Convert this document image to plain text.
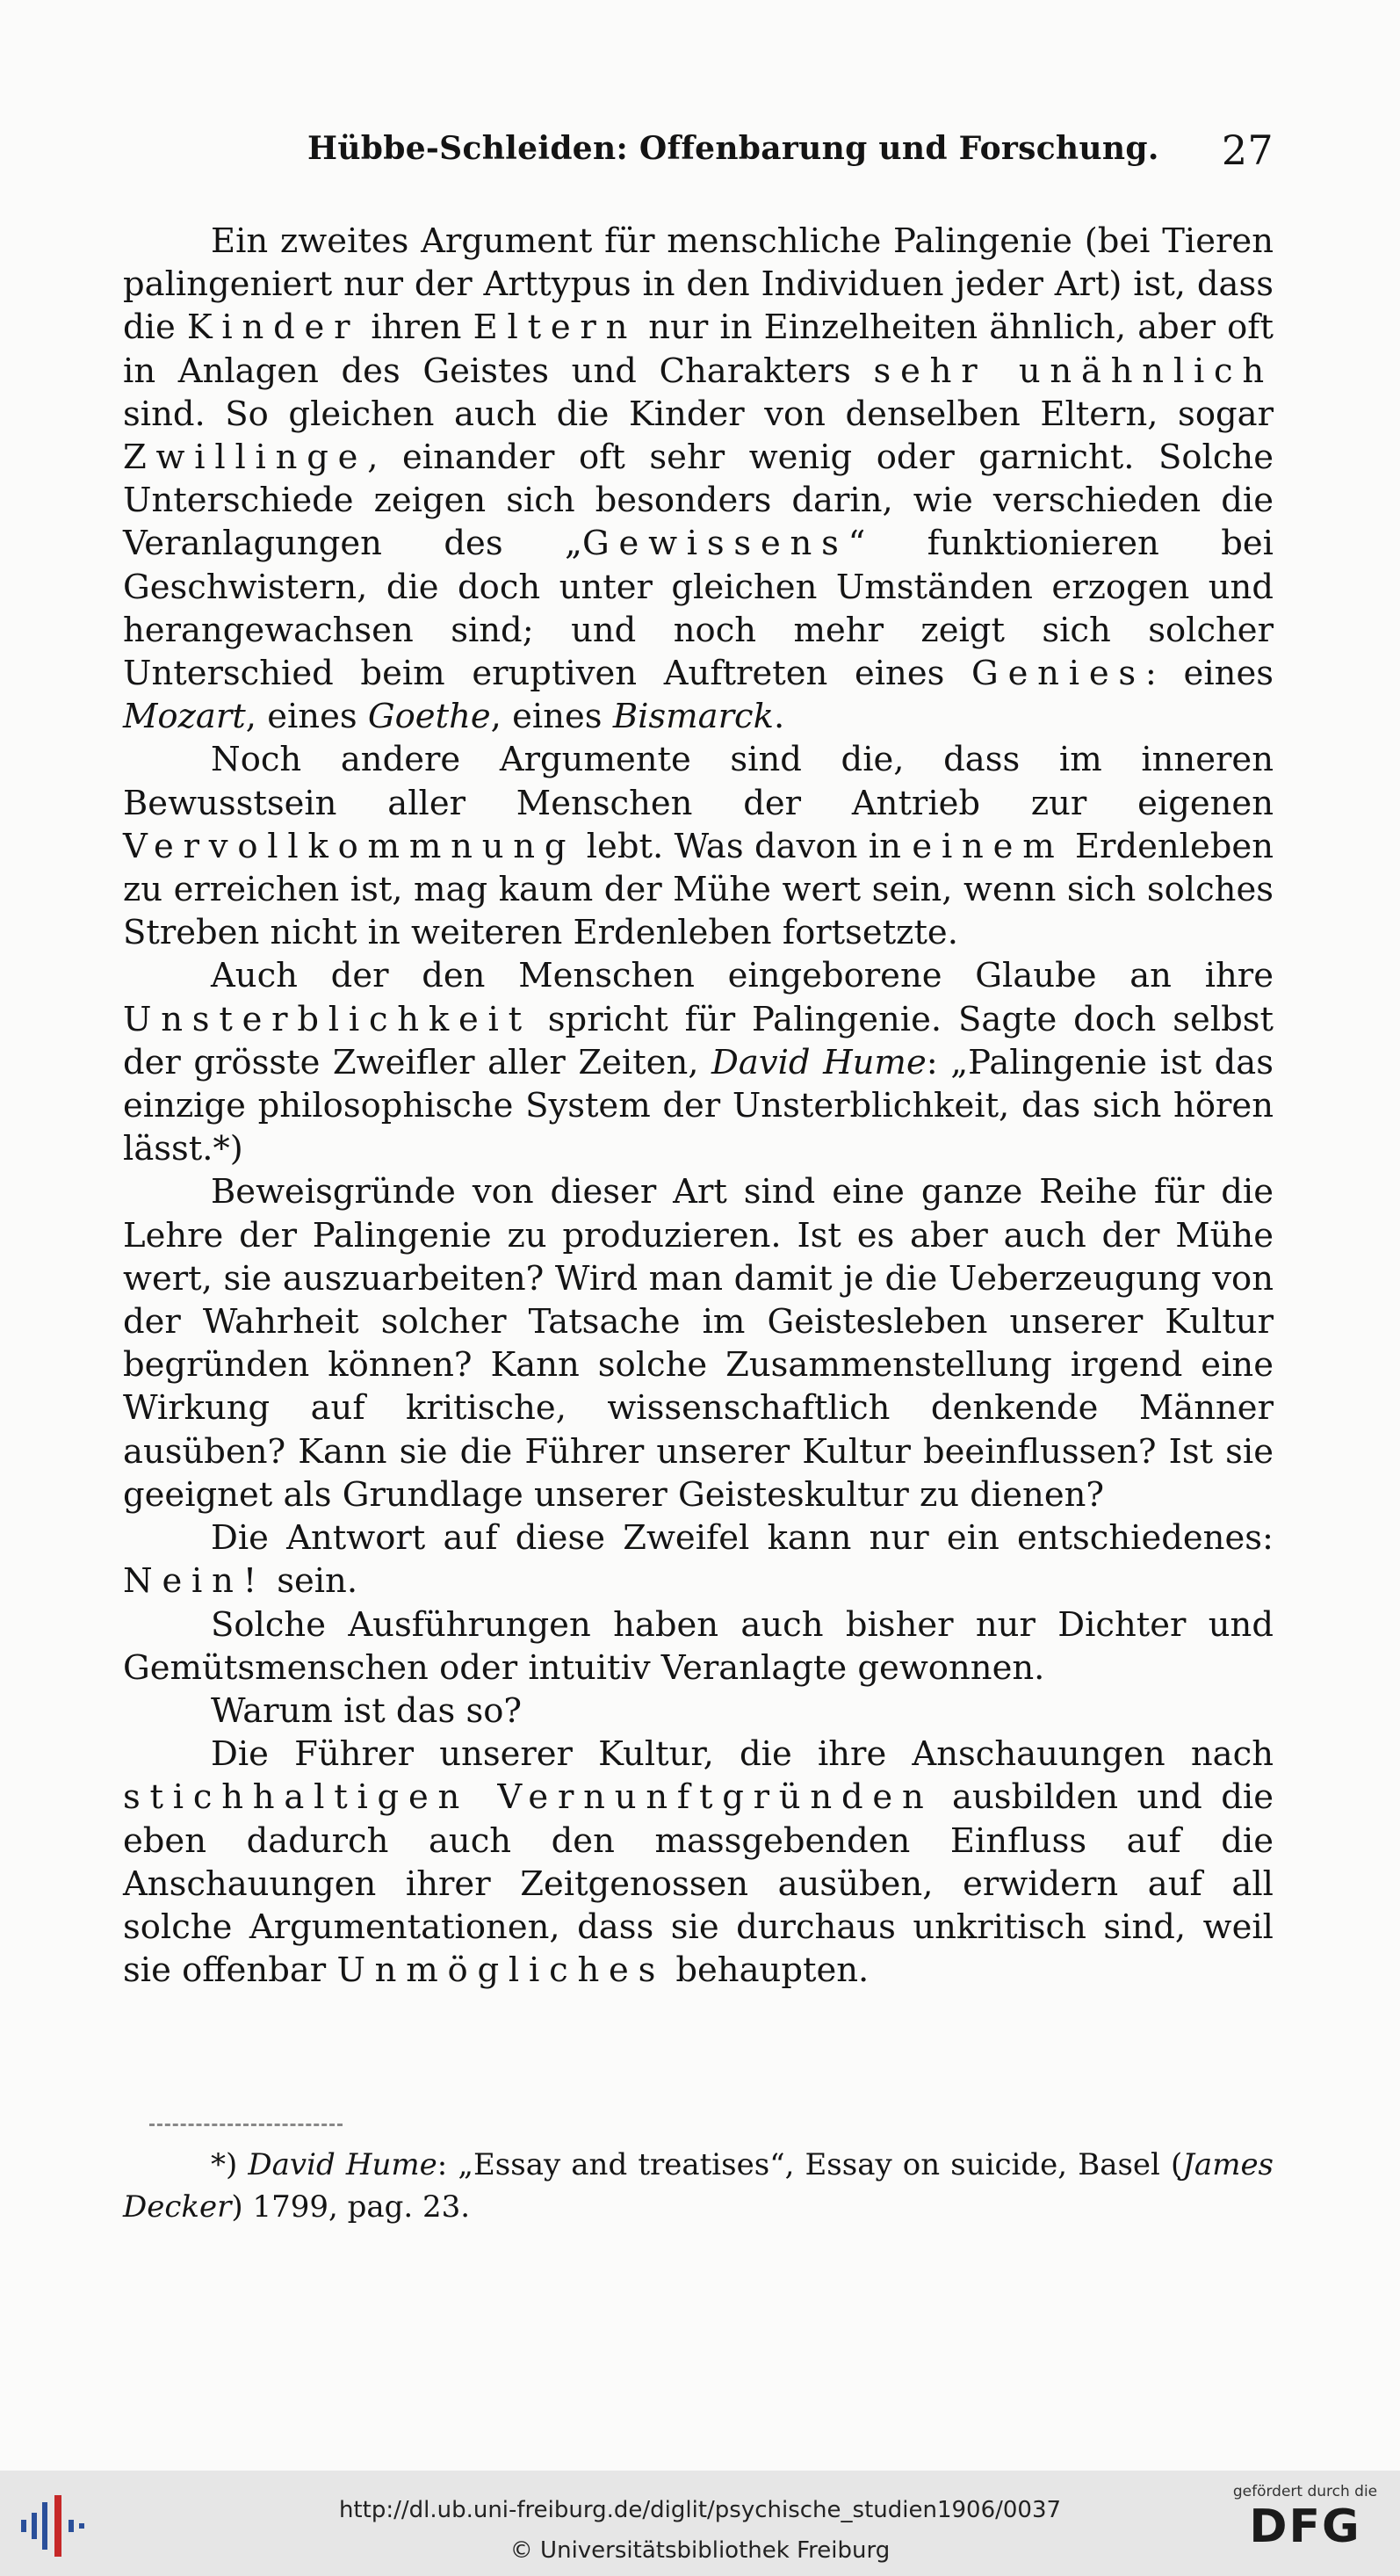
Hübbe-Schleiden: Offenbarung und Forschung. 27

Ein zweites Argument für menschliche Palingenie (bei Tieren palingeniert nur der Arttypus in den Individuen jeder Art) ist, dass die Kinder ihren Eltern nur in Einzelheiten ähnlich, aber oft in Anlagen des Geistes und Charakters sehr unähnlich sind. So gleichen auch die Kinder von denselben Eltern, sogar Zwillinge, einander oft sehr wenig oder garnicht. Solche Unterschiede zeigen sich besonders darin, wie verschieden die Veranlagungen des „Gewissens“ funktionieren bei Geschwistern, die doch unter gleichen Umständen erzogen und herangewachsen sind; und noch mehr zeigt sich solcher Unterschied beim eruptiven Auftreten eines Genies: eines Mozart, eines Goethe, eines Bismarck.

Noch andere Argumente sind die, dass im inneren Bewusstsein aller Menschen der Antrieb zur eigenen Vervollkommnung lebt. Was davon in einem Erdenleben zu erreichen ist, mag kaum der Mühe wert sein, wenn sich solches Streben nicht in weiteren Erdenleben fortsetzte.

Auch der den Menschen eingeborene Glaube an ihre Unsterblichkeit spricht für Palingenie. Sagte doch selbst der grösste Zweifler aller Zeiten, David Hume: „Palingenie ist das einzige philosophische System der Unsterblichkeit, das sich hören lässt.*)

Beweisgründe von dieser Art sind eine ganze Reihe für die Lehre der Palingenie zu produzieren. Ist es aber auch der Mühe wert, sie auszuarbeiten? Wird man damit je die Ueberzeugung von der Wahrheit solcher Tatsache im Geistesleben unserer Kultur begründen können? Kann solche Zusammenstellung irgend eine Wirkung auf kritische, wissenschaftlich denkende Männer ausüben? Kann sie die Führer unserer Kultur beeinflussen? Ist sie geeignet als Grundlage unserer Geisteskultur zu dienen?

Die Antwort auf diese Zweifel kann nur ein entschiedenes: Nein! sein.

Solche Ausführungen haben auch bisher nur Dichter und Gemütsmenschen oder intuitiv Veranlagte gewonnen.

Warum ist das so?

Die Führer unserer Kultur, die ihre Anschauungen nach stichhaltigen Vernunftgründen ausbilden und die eben dadurch auch den massgebenden Einfluss auf die Anschauungen ihrer Zeitgenossen ausüben, erwidern auf all solche Argumentationen, dass sie durchaus unkritisch sind, weil sie offenbar Unmögliches behaupten.

*) David Hume: „Essay and treatises“, Essay on suicide, Basel (James Decker) 1799, pag. 23.
http://dl.ub.uni-freiburg.de/diglit/psychische_studien1906/0037
© Universitätsbibliothek Freiburg
gefördert durch die
DFG
